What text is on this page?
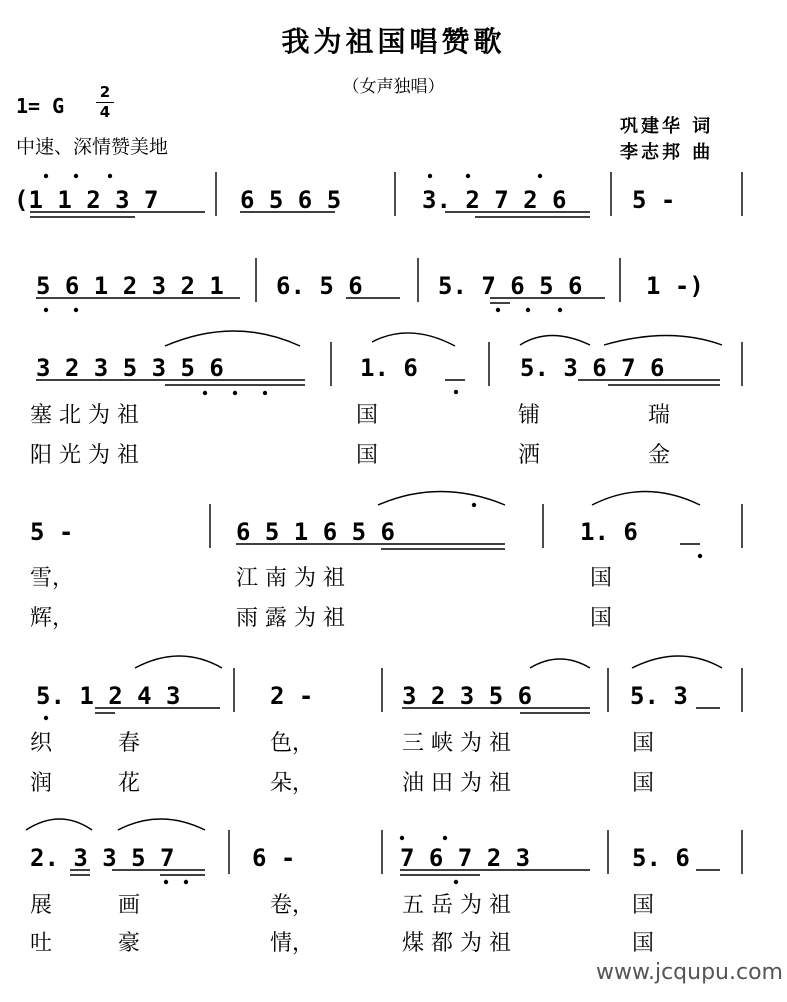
我为祖国唱赞歌
（女声独唱）
1= G
2
4
中速、深情赞美地
巩建华 词
李志邦 曲
(1 1 2 3 7	6 5 6 5	3. 2 7 2 6	5 -
5 6 1 2 3 2 1 6. 5 6	5. 7 6 5 6	1 -)
3 2 3 5 3 5 6	1. 6	5. 3 6 7 6
5 -	6 5 1 6 5 6	1. 6
5. 1 2 4 3	2 -	3 2 3 5 6	5. 3
2. 3 3 5 7	6 -	7 6 7 2 3	5. 6
塞 北 为 祖	国	铺	瑞
阳 光 为 祖	国	洒	金
雪，	江 南 为 祖	国
辉，	雨 露 为 祖	国
织	春	色，	三 峡 为 祖	国
润	花	朵，	油 田 为 祖	国
展	画	卷，	五 岳 为 祖	国
吐	豪	情，	煤 都 为 祖	国
www.jcqupu.com
